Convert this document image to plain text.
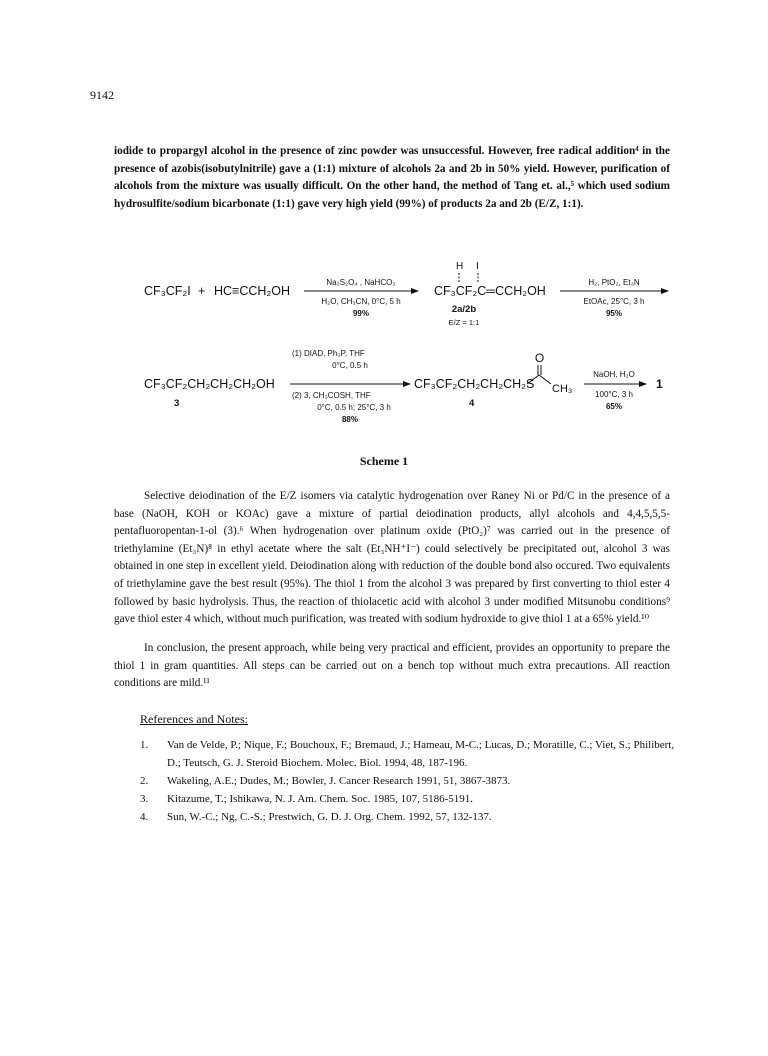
9142

iodide to propargyl alcohol in the presence of zinc powder was unsuccessful. However, free radical addition⁴ in the presence of azobis(isobutylnitrile) gave a (1:1) mixture of alcohols 2a and 2b in 50% yield. However, purification of alcohols from the mixture was usually difficult. On the other hand, the method of Tang et. al.,⁵ which used sodium hydrosulfite/sodium bicarbonate (1:1) gave very high yield (99%) of products 2a and 2b (E/Z, 1:1).

CF₃CF₂I + HC≡CCH₂OH
Na₂S₂O₄ , NaHCO₃
H₂O, CH₃CN, 0°C, 5 h
99%
H I
CF₃CF₂C═CCH₂OH
2a/2b
E/Z = 1:1
H₂, PtO₂, Et₃N
EtOAc, 25°C, 3 h
95%
CF₃CF₂CH₂CH₂CH₂OH
3
(1) DIAD, Ph₃P, THF
0°C, 0.5 h
(2) 3, CH₃COSH, THF
0°C, 0.5 h; 25°C, 3 h
88%
CF₃CF₂CH₂CH₂CH₂S
O
CH₃
4
NaOH, H₂O
100°C, 3 h
65%
1
Scheme 1

Selective deiodination of the E/Z isomers via catalytic hydrogenation over Raney Ni or Pd/C in the presence of a base (NaOH, KOH or KOAc) gave a mixture of partial deiodination products, allyl alcohols and 4,4,5,5,5-pentafluoropentan-1-ol (3).⁶ When hydrogenation over platinum oxide (PtO₂)⁷ was carried out in the presence of triethylamine (Et₃N)⁸ in ethyl acetate where the salt (Et₃NH⁺I⁻) could selectively be precipitated out, alcohol 3 was obtained in one step in excellent yield. Deiodination along with reduction of the double bond also occured. Two equivalents of triethylamine gave the best result (95%). The thiol 1 from the alcohol 3 was prepared by first converting to thiol ester 4 followed by basic hydrolysis. Thus, the reaction of thiolacetic acid with alcohol 3 under modified Mitsunobu conditions⁹ gave thiol ester 4 which, without much purification, was treated with sodium hydroxide to give thiol 1 at a 65% yield.¹⁰

In conclusion, the present approach, while being very practical and efficient, provides an opportunity to prepare the thiol 1 in gram quantities. All steps can be carried out on a bench top without much extra precautions. All reaction conditions are mild.¹¹

References and Notes:
1.	Van de Velde, P.; Nique, F.; Bouchoux, F.; Bremaud, J.; Hameau, M-C.; Lucas, D.; Moratille, C.; Viet, S.; Philibert, D.; Teutsch, G. J. Steroid Biochem. Molec. Biol. 1994, 48, 187-196.
2.	Wakeling, A.E.; Dudes, M.; Bowler, J. Cancer Research 1991, 51, 3867-3873.
3.	Kitazume, T.; Ishikawa, N. J. Am. Chem. Soc. 1985, 107, 5186-5191.
4.	Sun, W.-C.; Ng, C.-S.; Prestwich, G. D. J. Org. Chem. 1992, 57, 132-137.
